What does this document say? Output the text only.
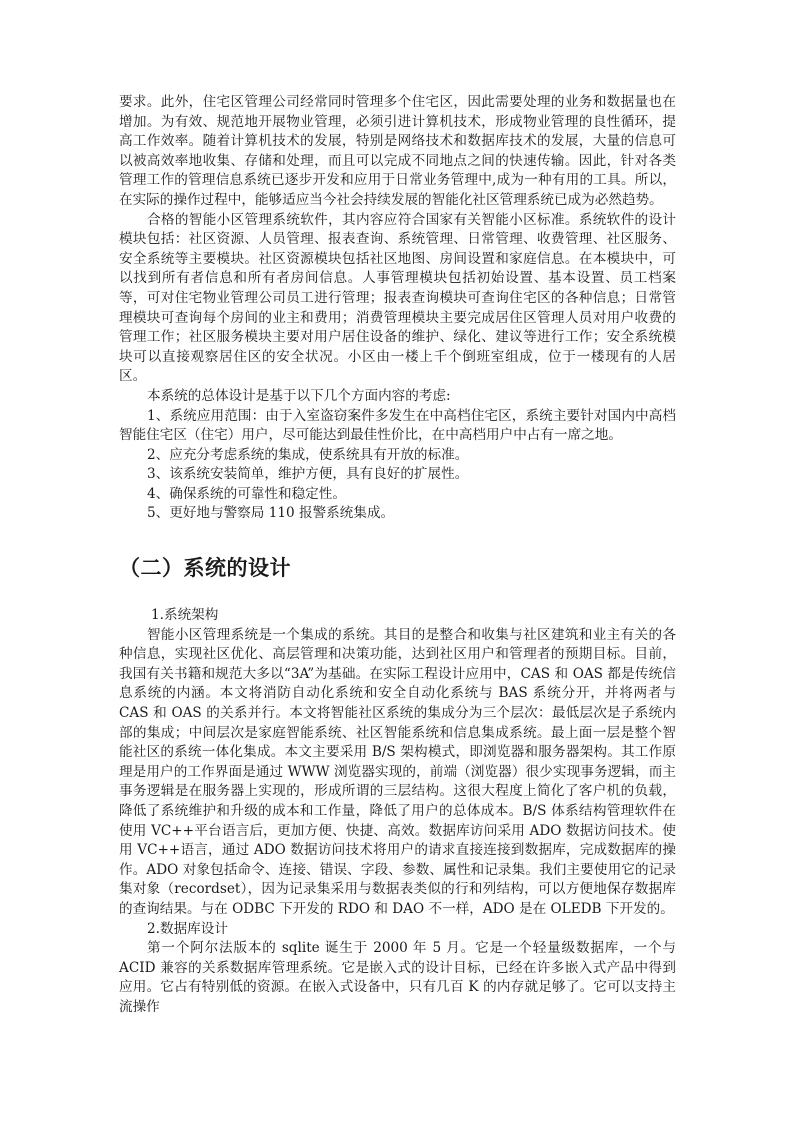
要求。此外，住宅区管理公司经常同时管理多个住宅区，因此需要处理的业务和数据量也在增加。为有效、规范地开展物业管理，必须引进计算机技术，形成物业管理的良性循环，提高工作效率。随着计算机技术的发展，特别是网络技术和数据库技术的发展，大量的信息可以被高效率地收集、存储和处理，而且可以完成不同地点之间的快速传输。因此，针对各类管理工作的管理信息系统已逐步开发和应用于日常业务管理中,成为一种有用的工具。所以，在实际的操作过程中，能够适应当今社会持续发展的智能化社区管理系统已成为必然趋势。

合格的智能小区管理系统软件，其内容应符合国家有关智能小区标准。系统软件的设计模块包括：社区资源、人员管理、报表查询、系统管理、日常管理、收费管理、社区服务、安全系统等主要模块。社区资源模块包括社区地图、房间设置和家庭信息。在本模块中，可以找到所有者信息和所有者房间信息。人事管理模块包括初始设置、基本设置、员工档案等，可对住宅物业管理公司员工进行管理；报表查询模块可查询住宅区的各种信息；日常管理模块可查询每个房间的业主和费用；消费管理模块主要完成居住区管理人员对用户收费的管理工作；社区服务模块主要对用户居住设备的维护、绿化、建议等进行工作；安全系统模块可以直接观察居住区的安全状况。小区由一楼上千个倒班室组成，位于一楼现有的人居区。

本系统的总体设计是基于以下几个方面内容的考虑:

1、系统应用范围：由于入室盗窃案件多发生在中高档住宅区，系统主要针对国内中高档智能住宅区（住宅）用户，尽可能达到最佳性价比，在中高档用户中占有一席之地。

2、应充分考虑系统的集成，使系统具有开放的标准。

3、该系统安装简单，维护方便，具有良好的扩展性。

4、确保系统的可靠性和稳定性。

5、更好地与警察局 110 报警系统集成。

（二）系统的设计

1.系统架构

智能小区管理系统是一个集成的系统。其目的是整合和收集与社区建筑和业主有关的各种信息，实现社区优化、高层管理和决策功能，达到社区用户和管理者的预期目标。目前，我国有关书籍和规范大多以“3A”为基础。在实际工程设计应用中，CAS 和 OAS 都是传统信息系统的内涵。本文将消防自动化系统和安全自动化系统与 BAS 系统分开，并将两者与 CAS 和 OAS 的关系并行。本文将智能社区系统的集成分为三个层次：最低层次是子系统内部的集成；中间层次是家庭智能系统、社区智能系统和信息集成系统。最上面一层是整个智能社区的系统一体化集成。本文主要采用 B/S 架构模式，即浏览器和服务器架构。其工作原理是用户的工作界面是通过 WWW 浏览器实现的，前端（浏览器）很少实现事务逻辑，而主事务逻辑是在服务器上实现的，形成所谓的三层结构。这很大程度上简化了客户机的负载，降低了系统维护和升级的成本和工作量，降低了用户的总体成本。B/S 体系结构管理软件在使用 VC++平台语言后，更加方便、快捷、高效。数据库访问采用 ADO 数据访问技术。使用 VC++语言，通过 ADO 数据访问技术将用户的请求直接连接到数据库，完成数据库的操作。ADO 对象包括命令、连接、错误、字段、参数、属性和记录集。我们主要使用它的记录集对象（recordset），因为记录集采用与数据表类似的行和列结构，可以方便地保存数据库的查询结果。与在 ODBC 下开发的 RDO 和 DAO 不一样，ADO 是在 OLEDB 下开发的。

2.数据库设计

第一个阿尔法版本的 sqlite 诞生于 2000 年 5 月。它是一个轻量级数据库，一个与 ACID 兼容的关系数据库管理系统。它是嵌入式的设计目标，已经在许多嵌入式产品中得到应用。它占有特别低的资源。在嵌入式设备中，只有几百 K 的内存就足够了。它可以支持主流操作
